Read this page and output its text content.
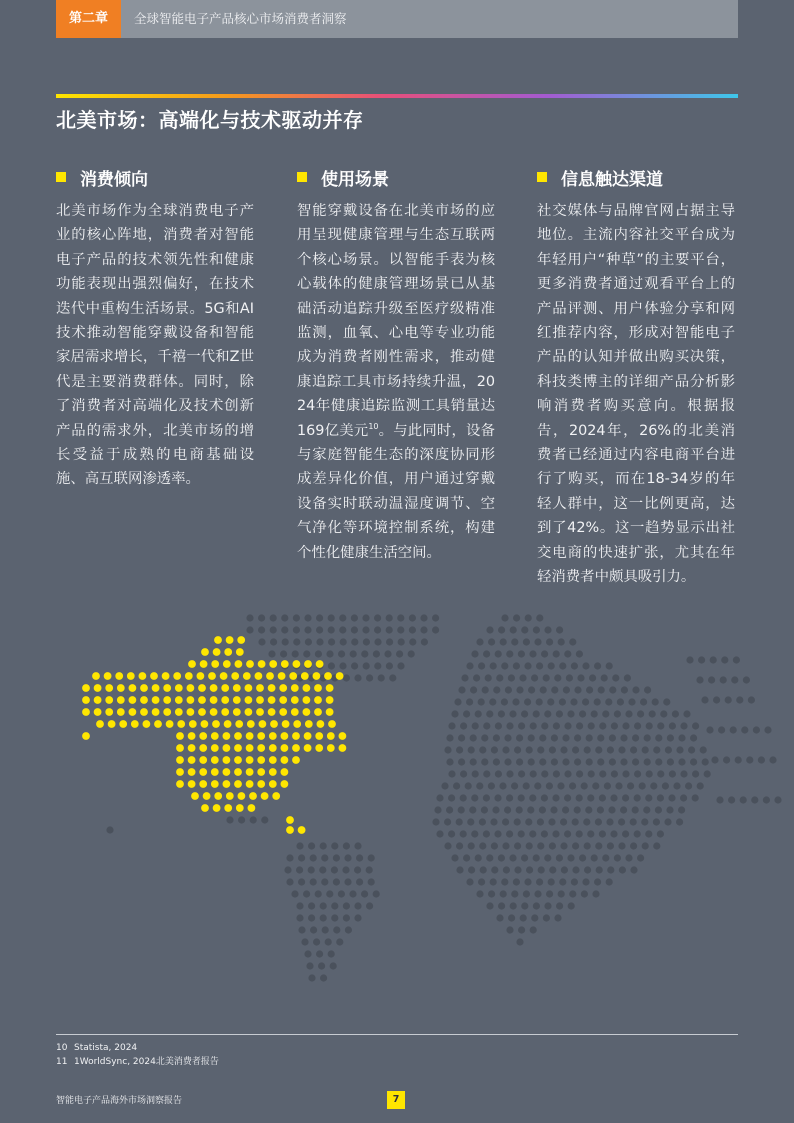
第二章	全球智能电子产品核心市场消费者洞察
北美市场：高端化与技术驱动并存
消费倾向
北美市场作为全球消费电子产业的核心阵地，消费者对智能电子产品的技术领先性和健康功能表现出强烈偏好，在技术迭代中重构生活场景。5G和AI技术推动智能穿戴设备和智能家居需求增长，千禧一代和Z世代是主要消费群体。同时，除了消费者对高端化及技术创新产品的需求外，北美市场的增长受益于成熟的电商基础设施、高互联网渗透率。
使用场景
智能穿戴设备在北美市场的应用呈现健康管理与生态互联两个核心场景。以智能手表为核心载体的健康管理场景已从基础活动追踪升级至医疗级精准监测，血氧、心电等专业功能成为消费者刚性需求，推动健康追踪工具市场持续升温，2024年健康追踪监测工具销量达169亿美元$^{10}$。与此同时，设备与家庭智能生态的深度协同形成差异化价值，用户通过穿戴设备实时联动温湿度调节、空气净化等环境控制系统，构建个性化健康生活空间。
信息触达渠道
社交媒体与品牌官网占据主导地位。主流内容社交平台成为年轻用户“种草”的主要平台，更多消费者通过观看平台上的产品评测、用户体验分享和网红推荐内容，形成对智能电子产品的认知并做出购买决策，科技类博主的详细产品分析影响消费者购买意向。根据报告，2024年，26%的北美消费者已经通过内容电商平台进行了购买，而在18-34岁的年轻人群中，这一比例更高，达到了42%。这一趋势显示出社交电商的快速扩张，尤其在年轻消费者中颇具吸引力。
10 Statista, 2024
11 1WorldSync, 2024北美消费者报告
智能电子产品海外市场洞察报告	7
